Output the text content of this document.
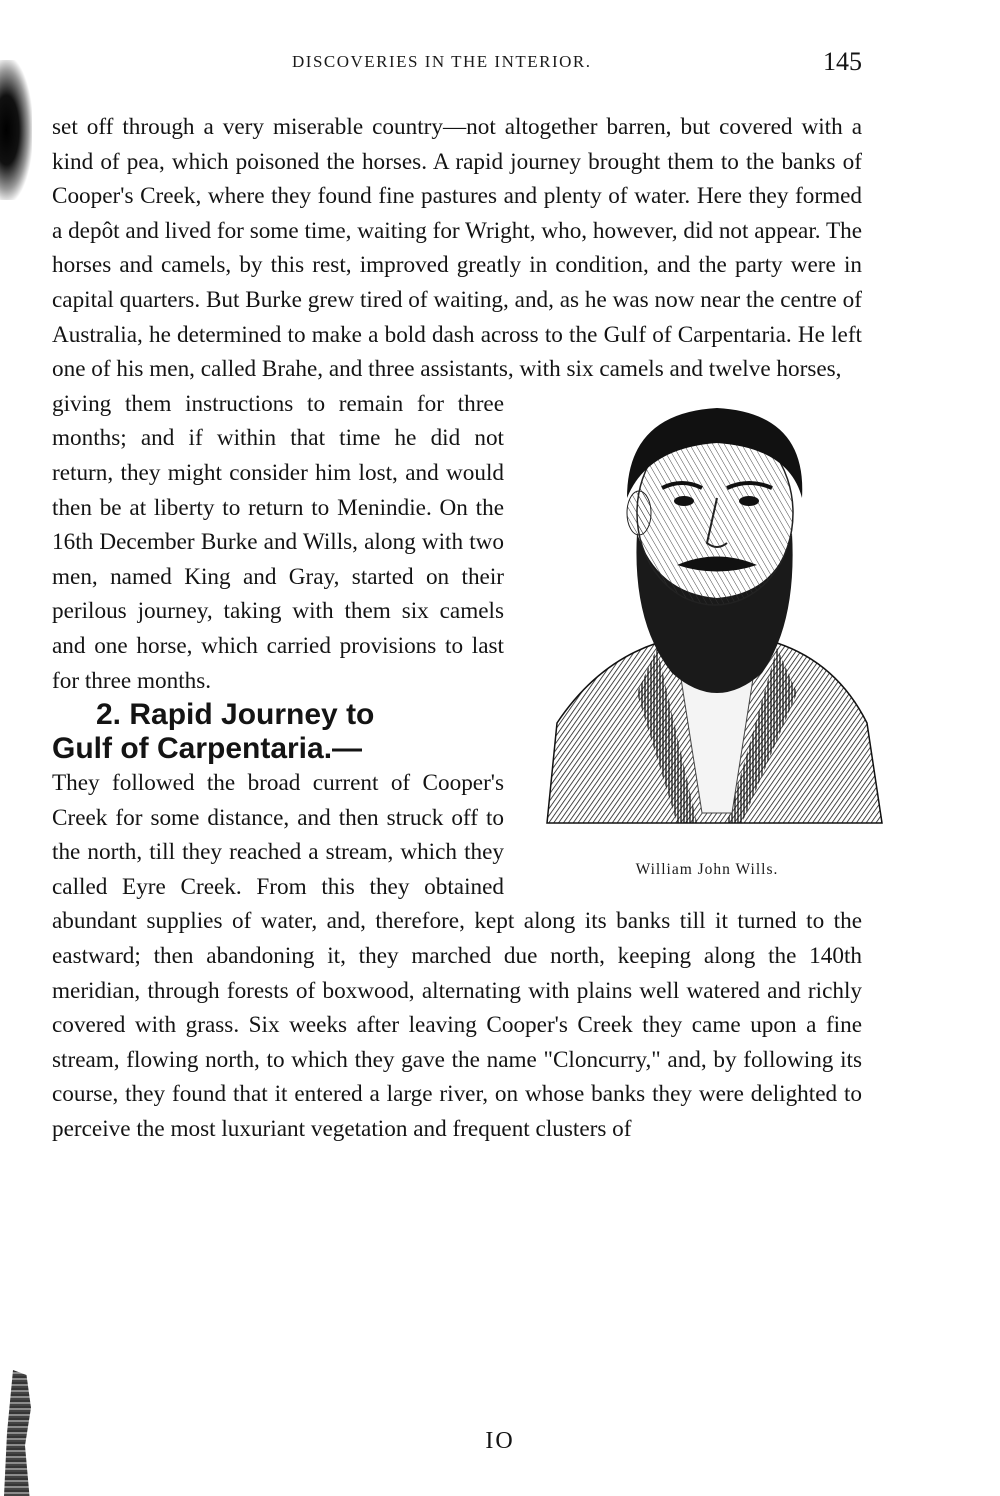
DISCOVERIES IN THE INTERIOR.	145

set off through a very miserable country—not altogether barren, but covered with a kind of pea, which poisoned the horses. A rapid journey brought them to the banks of Cooper's Creek, where they found fine pastures and plenty of water. Here they formed a depôt and lived for some time, waiting for Wright, who, however, did not appear. The horses and camels, by this rest, improved greatly in condition, and the party were in capital quarters. But Burke grew tired of waiting, and, as he was now near the centre of Australia, he determined to make a bold dash across to the Gulf of Carpentaria. He left one of his men, called Brahe, and three assistants, with six camels and twelve horses,

William John Wills.
giving them instructions to remain for three months; and if within that time he did not return, they might consider him lost, and would then be at liberty to return to Menindie. On the 16th December Burke and Wills, along with two men, named King and Gray, started on their perilous journey, taking with them six camels and one horse, which carried provisions to last for three months.
2. Rapid Journey to
Gulf of Carpentaria.—

They followed the broad current of Cooper's Creek for some distance, and then struck off to the north, till they reached a stream, which they called Eyre Creek. From this they obtained abundant supplies of water, and, therefore, kept along its banks till it turned to the eastward; then abandoning it, they marched due north, keeping along the 140th meridian, through forests of boxwood, alternating with plains well watered and richly covered with grass. Six weeks after leaving Cooper's Creek they came upon a fine stream, flowing north, to which they gave the name "Cloncurry," and, by following its course, they found that it entered a large river, on whose banks they were delighted to perceive the most luxuriant vegetation and frequent clusters of

IO
